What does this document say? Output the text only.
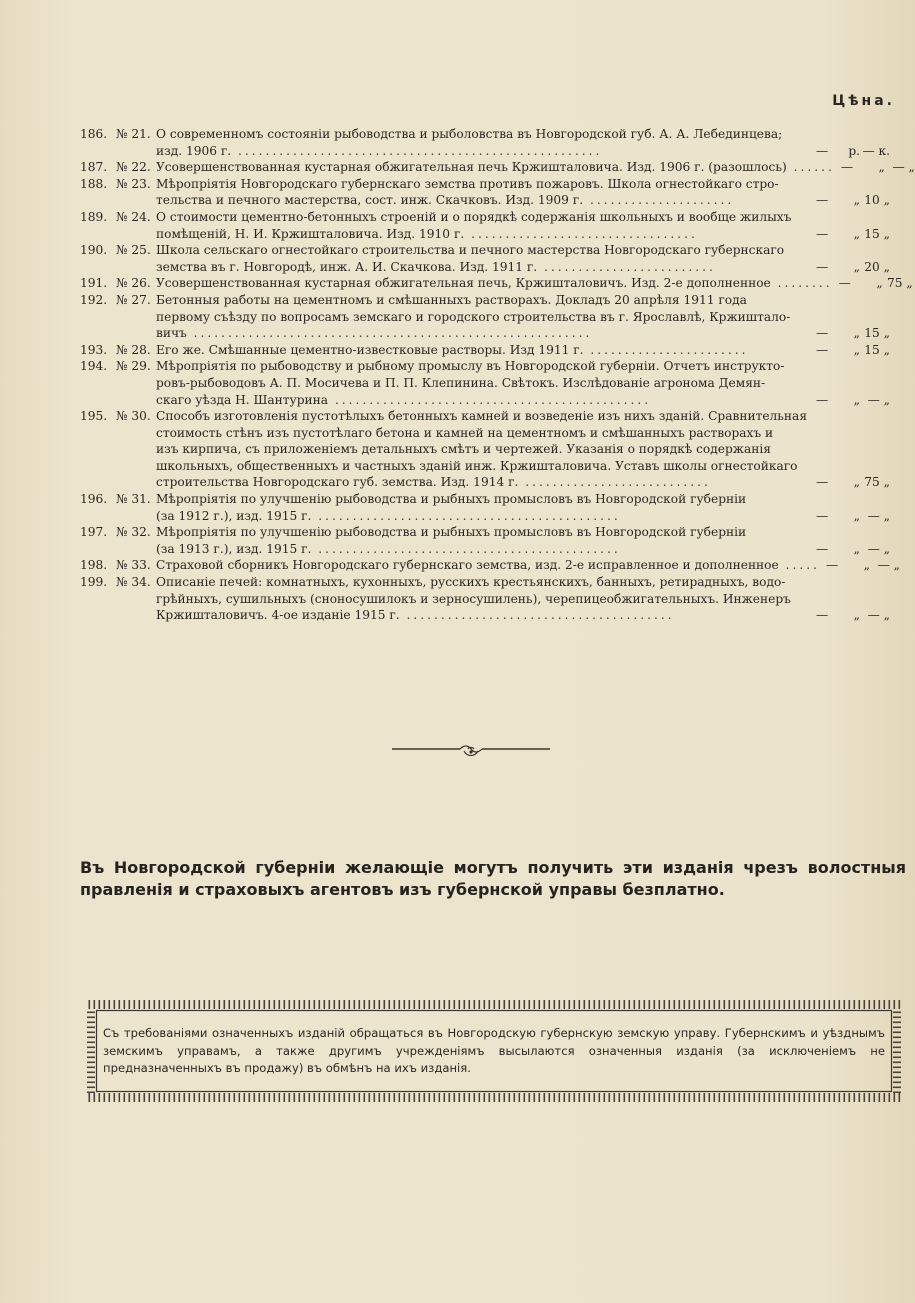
Цѣна.
186. № 21. О современномъ состоянiи рыбоводства и рыболовства въ Новгородской губ. А. А. Лебединцева;
изд. 1906 г. .....................................................	—	р. — к.
187. № 22. Усовершенствованная кустарная обжигательная печь Кржишталовича. Изд. 1906 г. (разошлось) ...... —	„ — „
188. № 23. Мѣропрiятiя Новгородскаго губернскаго земства противъ пожаровъ. Школа огнестойкаго стро-
тельства и печного мастерства, сост. инж. Скачковъ. Изд. 1909 г. .....................	—	„ 10 „
189. № 24. О стоимости цементно-бетонныхъ строенiй и о порядкѣ содержанiя школьныхъ и вообще жилыхъ
помѣщенiй, Н. И. Кржишталовича. Изд. 1910 г. .................................	—	„ 15 „
190. № 25. Школа сельскаго огнестойкаго строительства и печного мастерства Новгородскаго губернскаго
земства въ г. Новгородѣ, инж. А. И. Скачкова. Изд. 1911 г. .........................	—	„ 20 „
191. № 26. Усовершенствованная кустарная обжигательная печь, Кржишталовичъ. Изд. 2-е дополненное ........ —	„ 75 „
192. № 27. Бетонныя работы на цементномъ и смѣшанныхъ растворахъ. Докладъ 20 апрѣля 1911 года
первому съѣзду по вопросамъ земскаго и городского строительства въ г. Ярославлѣ, Кржишталo-
вичъ ..........................................................	—	„ 15 „
193. № 28. Его же. Смѣшанные цементно-известковые растворы. Изд 1911 г. .......................	—	„ 15 „
194. № 29. Мѣропрiятiя по рыбоводству и рыбному промыслу въ Новгородской губернiи. Отчетъ инструкто-
ровъ-рыбоводовъ А. П. Мосичева и П. П. Клепинина. Свѣтокъ. Изслѣдованiе агронома Демян-
скаго уѣзда Н. Шантурина ..............................................	—	„ — „
195. № 30. Способъ изготовленiя пустотѣлыхъ бетонныхъ камней и возведенiе изъ нихъ зданiй. Сравнительная
стоимость стѣнъ изъ пустотѣлаго бетона и камней на цементномъ и смѣшанныхъ растворахъ и
изъ кирпича, съ приложенiемъ детальныхъ смѣтъ и чертежей. Указанiя о порядкѣ содержанiя
школьныхъ, общественныхъ и частныхъ зданiй инж. Кржишталовича. Уставъ школы огнестойкаго
строительства Новгородскаго губ. земства. Изд. 1914 г. ...........................	—	„ 75 „
196. № 31. Мѣропрiятiя по улучшенiю рыбоводства и рыбныхъ промысловъ въ Новгородской губернiи
(за 1912 г.), изд. 1915 г. ............................................	—	„ — „
197. № 32. Мѣропрiятiя по улучшенiю рыбоводства и рыбныхъ промысловъ въ Новгородской губернiи
(за 1913 г.), изд. 1915 г. ............................................	—	„ — „
198. № 33. Страховой сборникъ Новгородскаго губернскаго земства, изд. 2-е исправленное и дополненное ..... —	„ — „
199. № 34. Описанiе печей: комнатныхъ, кухонныхъ, русскихъ крестьянскихъ, банныхъ, ретирадныхъ, водо-
грѣйныхъ, сушильныхъ (сноносушилокъ и зерносушилень), черепицеобжигательныхъ. Инженеръ
Кржишталовичъ. 4-ое изданiе 1915 г. .......................................	—	„ — „
Въ Новгородской губернiи желающiе могутъ получить эти изданiя чрезъ волостныя правленiя и страховыхъ агентовъ изъ губернской управы безплатно.
Съ требованiями означенныхъ изданiй обращаться въ Новгородскую губернскую земскую управу. Губернскимъ и уѣзднымъ земскимъ управамъ, а также другимъ учрежденiямъ высылаются означенныя изданiя (за исключенiемъ не предназначенныхъ въ продажу) въ обмѣнъ на ихъ изданiя.
